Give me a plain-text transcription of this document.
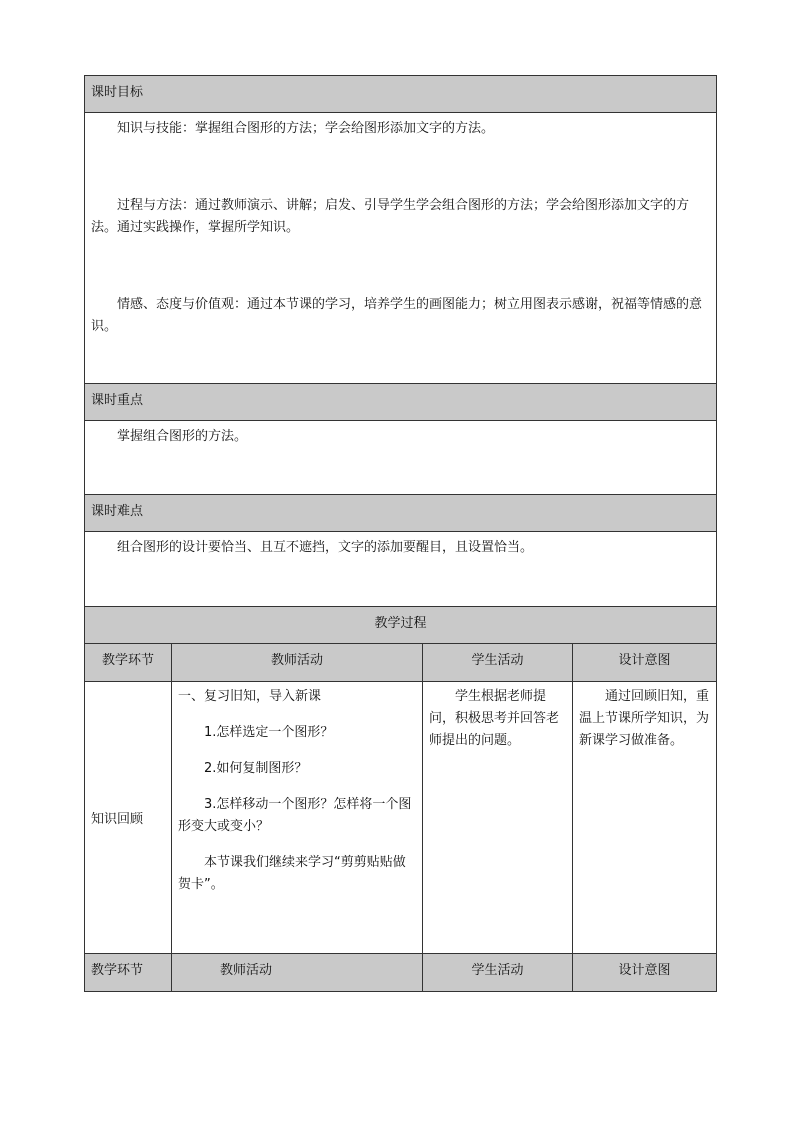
课时目标

知识与技能：掌握组合图形的方法；学会给图形添加文字的方法。

过程与方法：通过教师演示、讲解；启发、引导学生学会组合图形的方法；学会给图形添加文字的方法。通过实践操作，掌握所学知识。

情感、态度与价值观：通过本节课的学习，培养学生的画图能力；树立用图表示感谢，祝福等情感的意识。

课时重点

掌握组合图形的方法。

课时难点

组合图形的设计要恰当、且互不遮挡，文字的添加要醒目，且设置恰当。

教学过程			
教学环节	教师活动	学生活动	设计意图
知识回顾	一、复习旧知，导入新课

1.怎样选定一个图形？

2.如何复制图形？

3.怎样移动一个图形？怎样将一个图形变大或变小？

本节课我们继续来学习“剪剪贴贴做贺卡”。	学生根据老师提问，积极思考并回答老师提出的问题。	通过回顾旧知，重温上节课所学知识，为新课学习做准备。

教学环节	教师活动	学生活动	设计意图
